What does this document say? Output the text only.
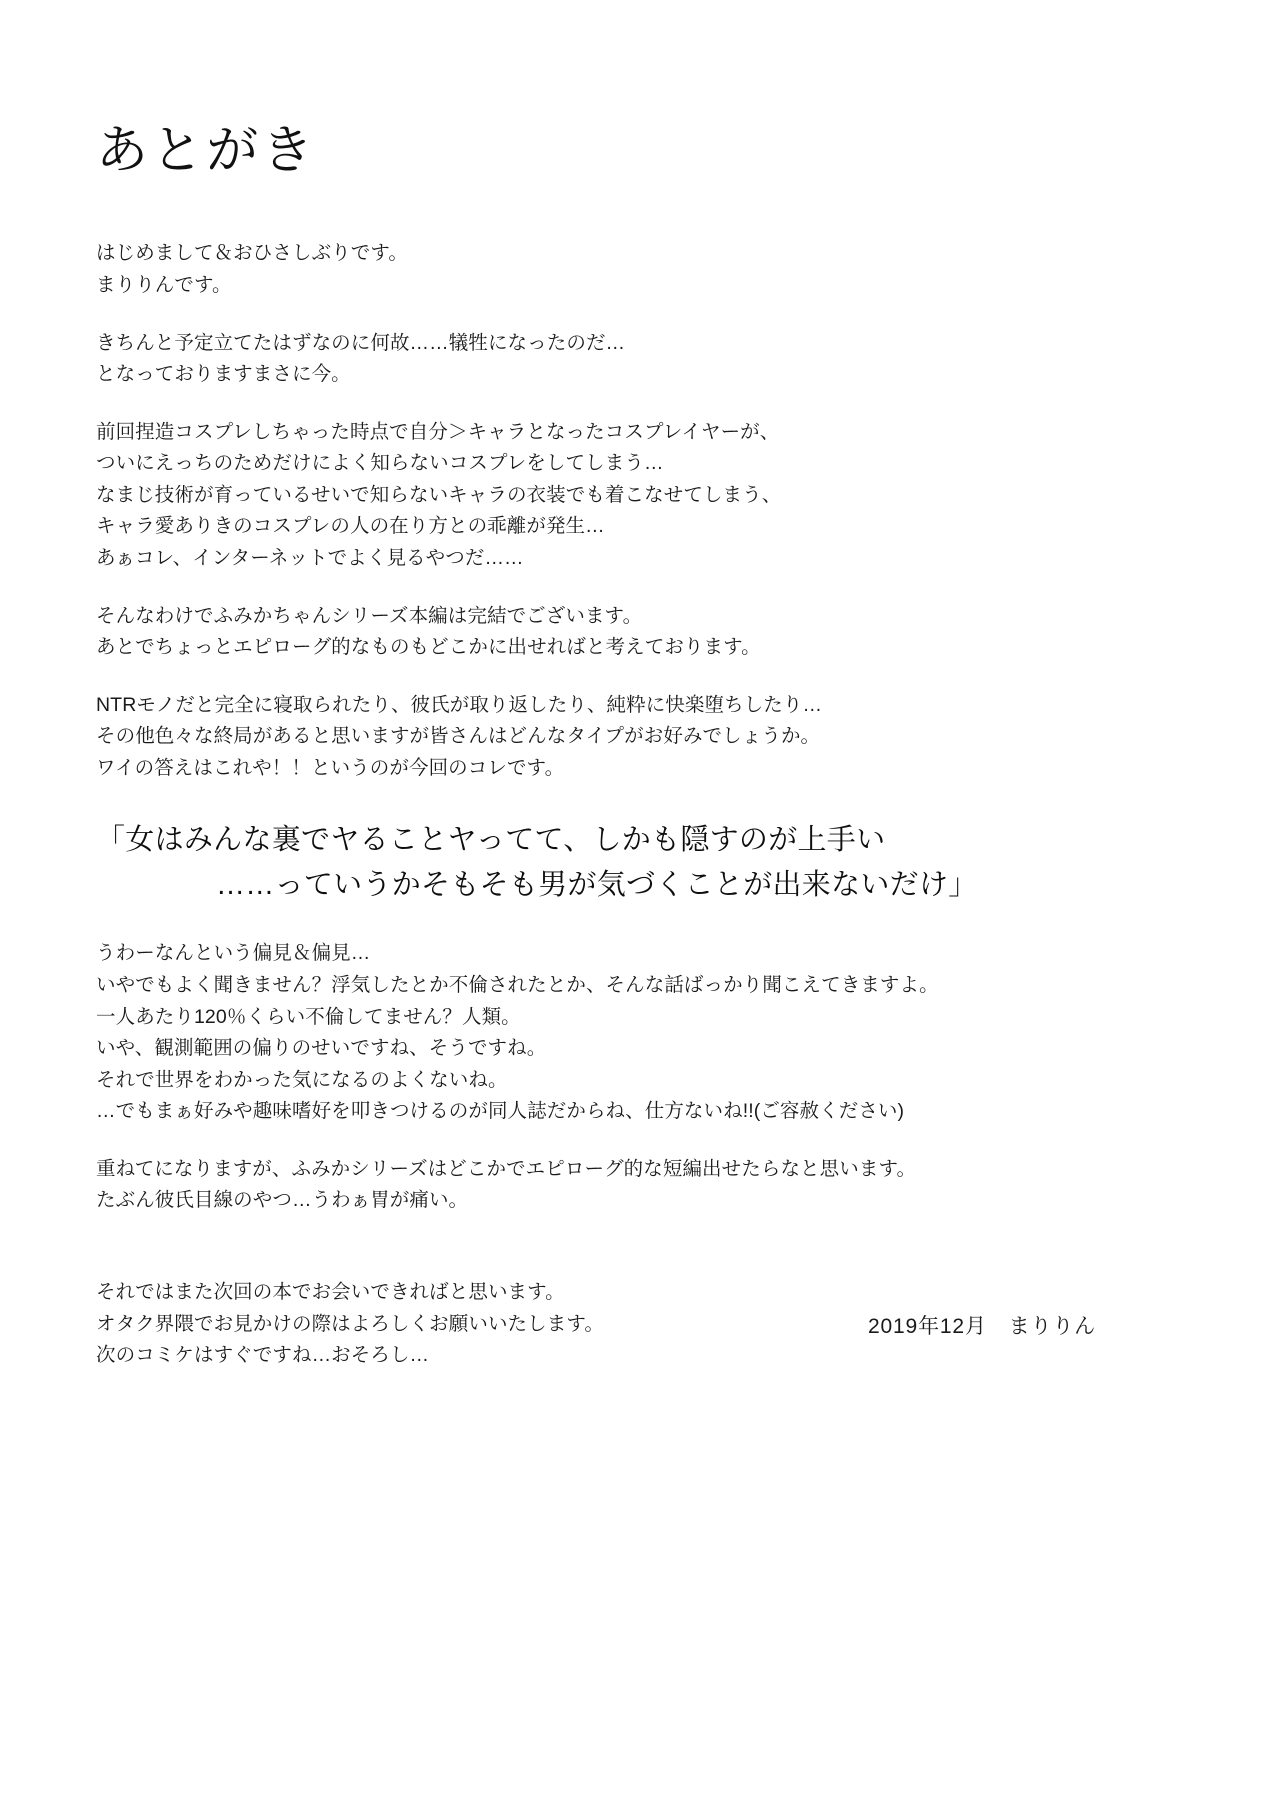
あとがき

はじめまして＆おひさしぶりです。
まりりんです。

きちんと予定立てたはずなのに何故……犠牲になったのだ…
となっておりますまさに今。

前回捏造コスプレしちゃった時点で自分＞キャラとなったコスプレイヤーが、
ついにえっちのためだけによく知らないコスプレをしてしまう…
なまじ技術が育っているせいで知らないキャラの衣装でも着こなせてしまう、
キャラ愛ありきのコスプレの人の在り方との乖離が発生…
あぁコレ、インターネットでよく見るやつだ……

そんなわけでふみかちゃんシリーズ本編は完結でございます。
あとでちょっとエピローグ的なものもどこかに出せればと考えております。

NTRモノだと完全に寝取られたり、彼氏が取り返したり、純粋に快楽堕ちしたり…
その他色々な終局があると思いますが皆さんはどんなタイプがお好みでしょうか。
ワイの答えはこれや！！というのが今回のコレです。

「女はみんな裏でヤることヤってて、しかも隠すのが上手い
……っていうかそもそも男が気づくことが出来ないだけ」

うわーなんという偏見＆偏見…
いやでもよく聞きません？浮気したとか不倫されたとか、そんな話ばっかり聞こえてきますよ。
一人あたり120％くらい不倫してません？人類。
いや、観測範囲の偏りのせいですね、そうですね。
それで世界をわかった気になるのよくないね。
…でもまぁ好みや趣味嗜好を叩きつけるのが同人誌だからね、仕方ないね!!(ご容赦ください)

重ねてになりますが、ふみかシリーズはどこかでエピローグ的な短編出せたらなと思います。
たぶん彼氏目線のやつ…うわぁ胃が痛い。

それではまた次回の本でお会いできればと思います。
オタク界隈でお見かけの際はよろしくお願いいたします。
次のコミケはすぐですね…おそろし…

2019年12月　まりりん
